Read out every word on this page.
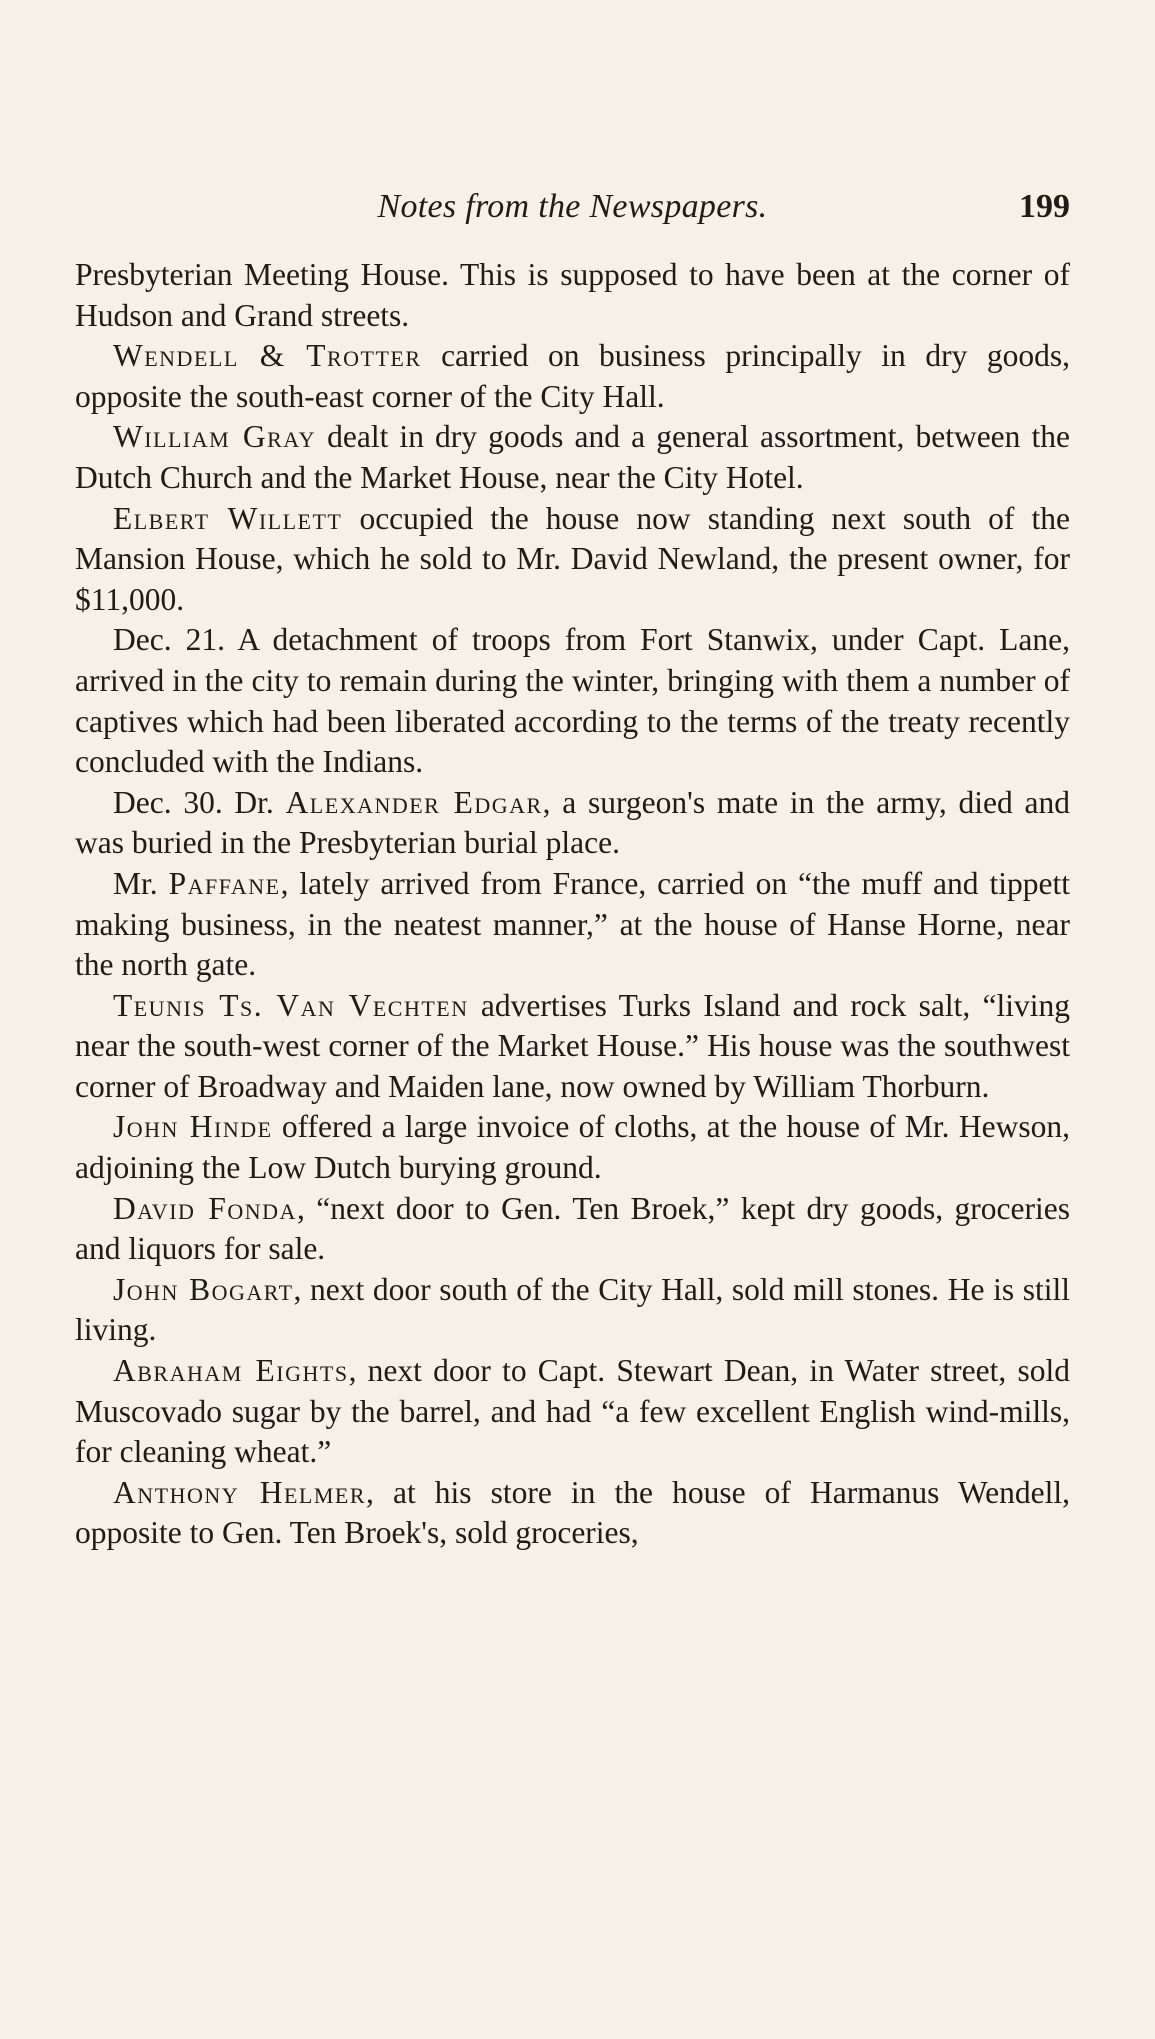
Notes from the Newspapers.	199

Presbyterian Meeting House. This is supposed to have been at the corner of Hudson and Grand streets.

Wendell & Trotter carried on business principally in dry goods, opposite the south-east corner of the City Hall.

William Gray dealt in dry goods and a general assortment, between the Dutch Church and the Market House, near the City Hotel.

Elbert Willett occupied the house now standing next south of the Mansion House, which he sold to Mr. David Newland, the present owner, for $11,000.

Dec. 21. A detachment of troops from Fort Stanwix, under Capt. Lane, arrived in the city to remain during the winter, bringing with them a number of captives which had been liberated according to the terms of the treaty recently concluded with the Indians.

Dec. 30. Dr. Alexander Edgar, a surgeon's mate in the army, died and was buried in the Presbyterian burial place.

Mr. Paffane, lately arrived from France, carried on “the muff and tippett making business, in the neatest manner,” at the house of Hanse Horne, near the north gate.

Teunis Ts. Van Vechten advertises Turks Island and rock salt, “living near the south-west corner of the Market House.” His house was the southwest corner of Broadway and Maiden lane, now owned by William Thorburn.

John Hinde offered a large invoice of cloths, at the house of Mr. Hewson, adjoining the Low Dutch burying ground.

David Fonda, “next door to Gen. Ten Broek,” kept dry goods, groceries and liquors for sale.

John Bogart, next door south of the City Hall, sold mill stones. He is still living.

Abraham Eights, next door to Capt. Stewart Dean, in Water street, sold Muscovado sugar by the barrel, and had “a few excellent English wind-mills, for cleaning wheat.”

Anthony Helmer, at his store in the house of Harmanus Wendell, opposite to Gen. Ten Broek's, sold groceries,
